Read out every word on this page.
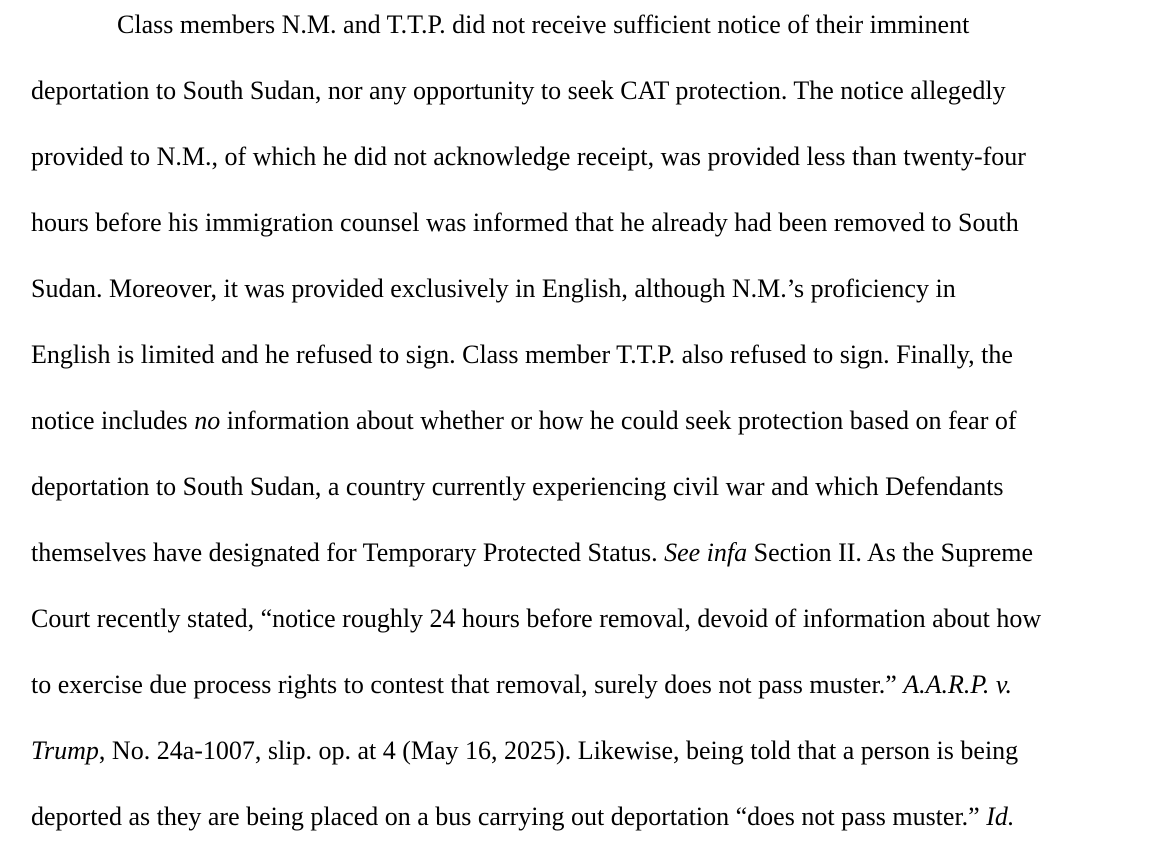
Class members N.M. and T.T.P. did not receive sufficient notice of their imminent
deportation to South Sudan, nor any opportunity to seek CAT protection. The notice allegedly
provided to N.M., of which he did not acknowledge receipt, was provided less than twenty-four
hours before his immigration counsel was informed that he already had been removed to South
Sudan. Moreover, it was provided exclusively in English, although N.M.’s proficiency in
English is limited and he refused to sign. Class member T.T.P. also refused to sign. Finally, the
notice includes no information about whether or how he could seek protection based on fear of
deportation to South Sudan, a country currently experiencing civil war and which Defendants
themselves have designated for Temporary Protected Status. See infa Section II. As the Supreme
Court recently stated, “notice roughly 24 hours before removal, devoid of information about how
to exercise due process rights to contest that removal, surely does not pass muster.” A.A.R.P. v.
Trump, No. 24a-1007, slip. op. at 4 (May 16, 2025). Likewise, being told that a person is being
deported as they are being placed on a bus carrying out deportation “does not pass muster.” Id.
